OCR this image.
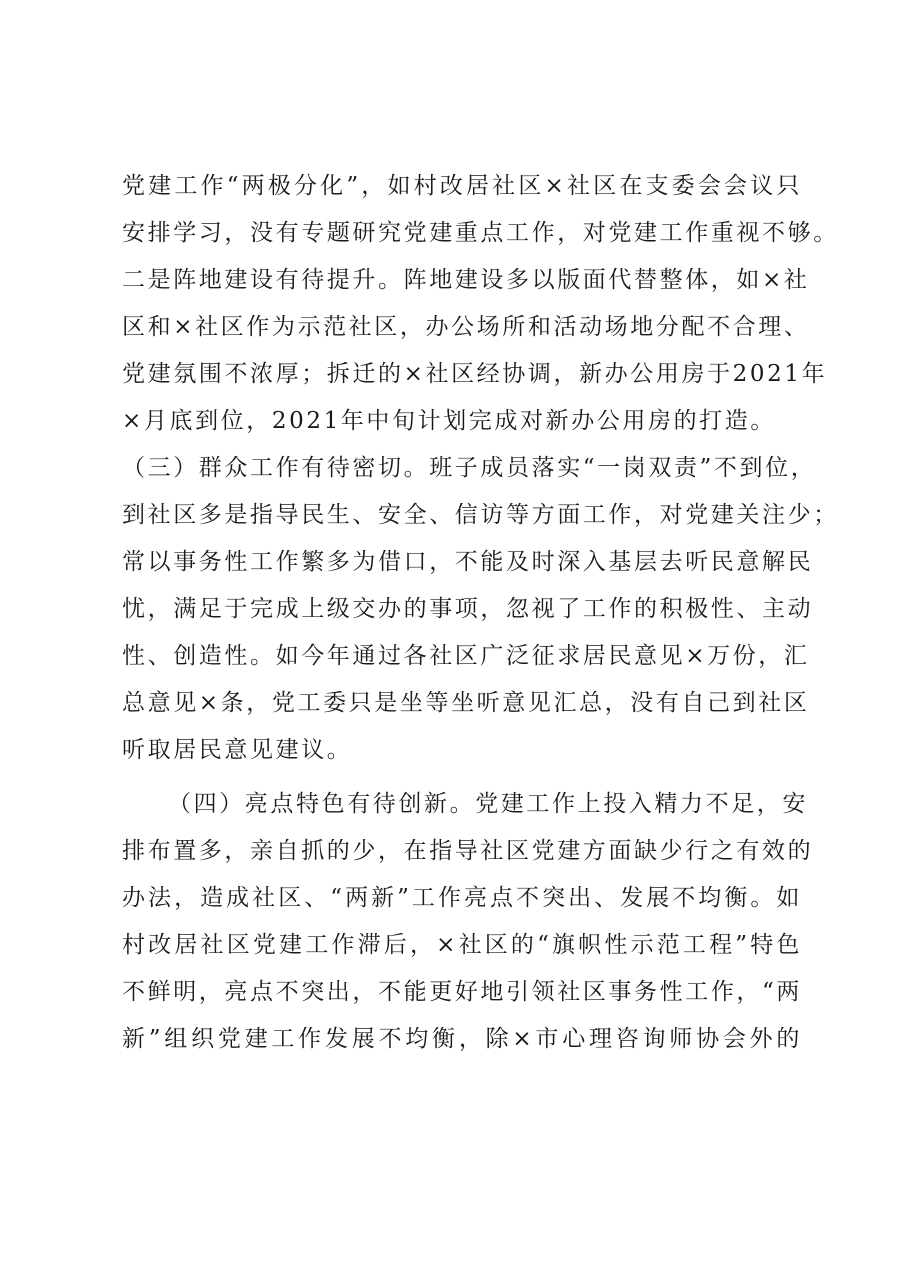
党建工作“两极分化”，如村改居社区×社区在支委会会议只
安排学习，没有专题研究党建重点工作，对党建工作重视不够。
二是阵地建设有待提升。阵地建设多以版面代替整体，如×社
区和×社区作为示范社区，办公场所和活动场地分配不合理、
党建氛围不浓厚；拆迁的×社区经协调，新办公用房于2021年
×月底到位，2021年中旬计划完成对新办公用房的打造。
（三）群众工作有待密切。班子成员落实“一岗双责”不到位，
到社区多是指导民生、安全、信访等方面工作，对党建关注少；
常以事务性工作繁多为借口，不能及时深入基层去听民意解民
忧，满足于完成上级交办的事项，忽视了工作的积极性、主动
性、创造性。如今年通过各社区广泛征求居民意见×万份，汇
总意见×条，党工委只是坐等坐听意见汇总，没有自己到社区
听取居民意见建议。
（四）亮点特色有待创新。党建工作上投入精力不足，安
排布置多，亲自抓的少，在指导社区党建方面缺少行之有效的
办法，造成社区、“两新”工作亮点不突出、发展不均衡。如
村改居社区党建工作滞后，×社区的“旗帜性示范工程”特色
不鲜明，亮点不突出，不能更好地引领社区事务性工作，“两
新”组织党建工作发展不均衡，除×市心理咨询师协会外的
